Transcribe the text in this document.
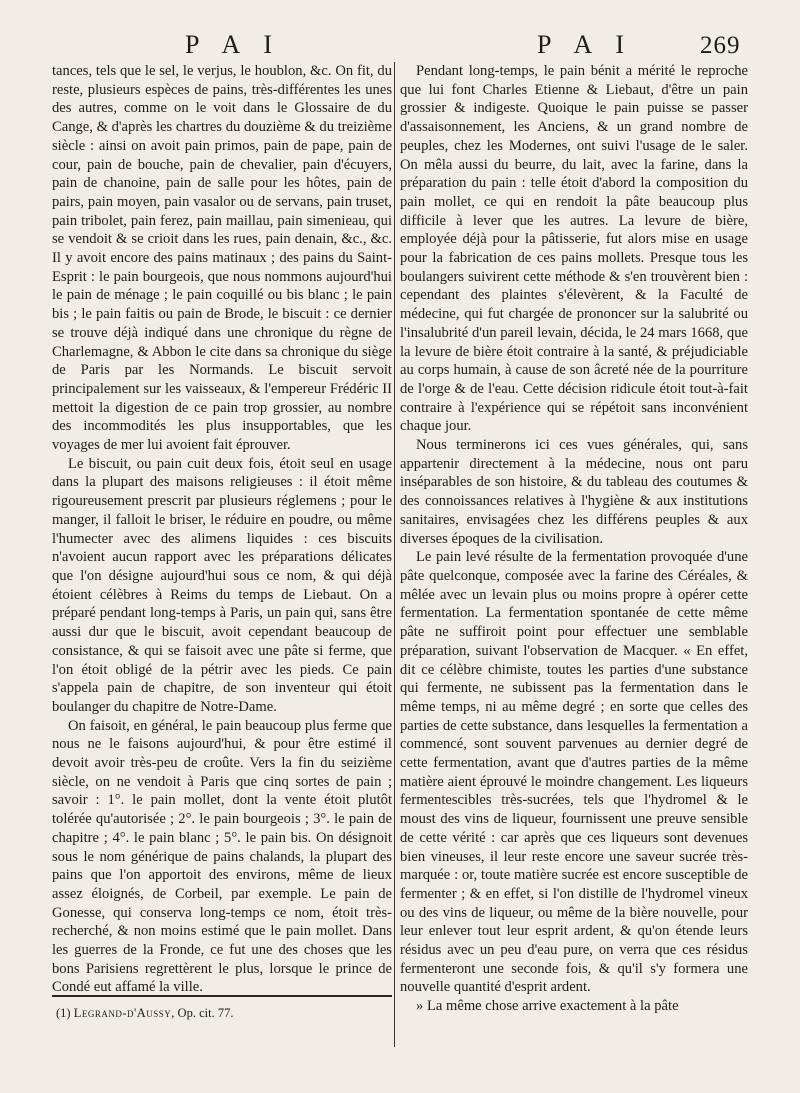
P A I	P A I	269

tances, tels que le sel, le verjus, le houblon, &c. On fit, du reste, plusieurs espèces de pains, très-différentes les unes des autres, comme on le voit dans le Glossaire de du Cange, & d'après les chartres du douzième & du treizième siècle : ainsi on avoit pain primos, pain de pape, pain de cour, pain de bouche, pain de chevalier, pain d'écuyers, pain de chanoine, pain de salle pour les hôtes, pain de pairs, pain moyen, pain vasalor ou de servans, pain truset, pain tribolet, pain ferez, pain maillau, pain simenieau, qui se vendoit & se crioit dans les rues, pain denain, &c., &c. Il y avoit encore des pains matinaux ; des pains du Saint-Esprit : le pain bourgeois, que nous nommons aujourd'hui le pain de ménage ; le pain coquillé ou bis blanc ; le pain bis ; le pain faitis ou pain de Brode, le biscuit : ce dernier se trouve déjà indiqué dans une chronique du règne de Charlemagne, & Abbon le cite dans sa chronique du siège de Paris par les Normands. Le biscuit servoit principalement sur les vaisseaux, & l'empereur Frédéric II mettoit la digestion de ce pain trop grossier, au nombre des incommodités les plus insupportables, que les voyages de mer lui avoient fait éprouver.

Le biscuit, ou pain cuit deux fois, étoit seul en usage dans la plupart des maisons religieuses : il étoit même rigoureusement prescrit par plusieurs réglemens ; pour le manger, il falloit le briser, le réduire en poudre, ou même l'humecter avec des alimens liquides : ces biscuits n'avoient aucun rapport avec les préparations délicates que l'on désigne aujourd'hui sous ce nom, & qui déjà étoient célèbres à Reims du temps de Liebaut. On a préparé pendant long-temps à Paris, un pain qui, sans être aussi dur que le biscuit, avoit cependant beaucoup de consistance, & qui se faisoit avec une pâte si ferme, que l'on étoit obligé de la pétrir avec les pieds. Ce pain s'appela pain de chapitre, de son inventeur qui étoit boulanger du chapitre de Notre-Dame.

On faisoit, en général, le pain beaucoup plus ferme que nous ne le faisons aujourd'hui, & pour être estimé il devoit avoir très-peu de croûte. Vers la fin du seizième siècle, on ne vendoit à Paris que cinq sortes de pain ; savoir : 1°. le pain mollet, dont la vente étoit plutôt tolérée qu'autorisée ; 2°. le pain bourgeois ; 3°. le pain de chapitre ; 4°. le pain blanc ; 5°. le pain bis. On désignoit sous le nom générique de pains chalands, la plupart des pains que l'on apportoit des environs, même de lieux assez éloignés, de Corbeil, par exemple. Le pain de Gonesse, qui conserva long-temps ce nom, étoit très-recherché, & non moins estimé que le pain mollet. Dans les guerres de la Fronde, ce fut une des choses que les bons Parisiens regrettèrent le plus, lorsque le prince de Condé eut affamé la ville.

Pendant long-temps, le pain bénit a mérité le reproche que lui font Charles Etienne & Liebaut, d'être un pain grossier & indigeste. Quoique le pain puisse se passer d'assaisonnement, les Anciens, & un grand nombre de peuples, chez les Modernes, ont suivi l'usage de le saler. On mêla aussi du beurre, du lait, avec la farine, dans la préparation du pain : telle étoit d'abord la composition du pain mollet, ce qui en rendoit la pâte beaucoup plus difficile à lever que les autres. La levure de bière, employée déjà pour la pâtisserie, fut alors mise en usage pour la fabrication de ces pains mollets. Presque tous les boulangers suivirent cette méthode & s'en trouvèrent bien : cependant des plaintes s'élevèrent, & la Faculté de médecine, qui fut chargée de prononcer sur la salubrité ou l'insalubrité d'un pareil levain, décida, le 24 mars 1668, que la levure de bière étoit contraire à la santé, & préjudiciable au corps humain, à cause de son âcreté née de la pourriture de l'orge & de l'eau. Cette décision ridicule étoit tout-à-fait contraire à l'expérience qui se répétoit sans inconvénient chaque jour.

Nous terminerons ici ces vues générales, qui, sans appartenir directement à la médecine, nous ont paru inséparables de son histoire, & du tableau des coutumes & des connoissances relatives à l'hygiène & aux institutions sanitaires, envisagées chez les différens peuples & aux diverses époques de la civilisation.

Le pain levé résulte de la fermentation provoquée d'une pâte quelconque, composée avec la farine des Céréales, & mêlée avec un levain plus ou moins propre à opérer cette fermentation. La fermentation spontanée de cette même pâte ne suffiroit point pour effectuer une semblable préparation, suivant l'observation de Macquer. « En effet, dit ce célèbre chimiste, toutes les parties d'une substance qui fermente, ne subissent pas la fermentation dans le même temps, ni au même degré ; en sorte que celles des parties de cette substance, dans lesquelles la fermentation a commencé, sont souvent parvenues au dernier degré de cette fermentation, avant que d'autres parties de la même matière aient éprouvé le moindre changement. Les liqueurs fermentescibles très-sucrées, tels que l'hydromel & le moust des vins de liqueur, fournissent une preuve sensible de cette vérité : car après que ces liqueurs sont devenues bien vineuses, il leur reste encore une saveur sucrée très-marquée : or, toute matière sucrée est encore susceptible de fermenter ; & en effet, si l'on distille de l'hydromel vineux ou des vins de liqueur, ou même de la bière nouvelle, pour leur enlever tout leur esprit ardent, & qu'on étende leurs résidus avec un peu d'eau pure, on verra que ces résidus fermenteront une seconde fois, & qu'il s'y formera une nouvelle quantité d'esprit ardent.

» La même chose arrive exactement à la pâte

(1) Legrand-d'Aussy, Op. cit. 77.
